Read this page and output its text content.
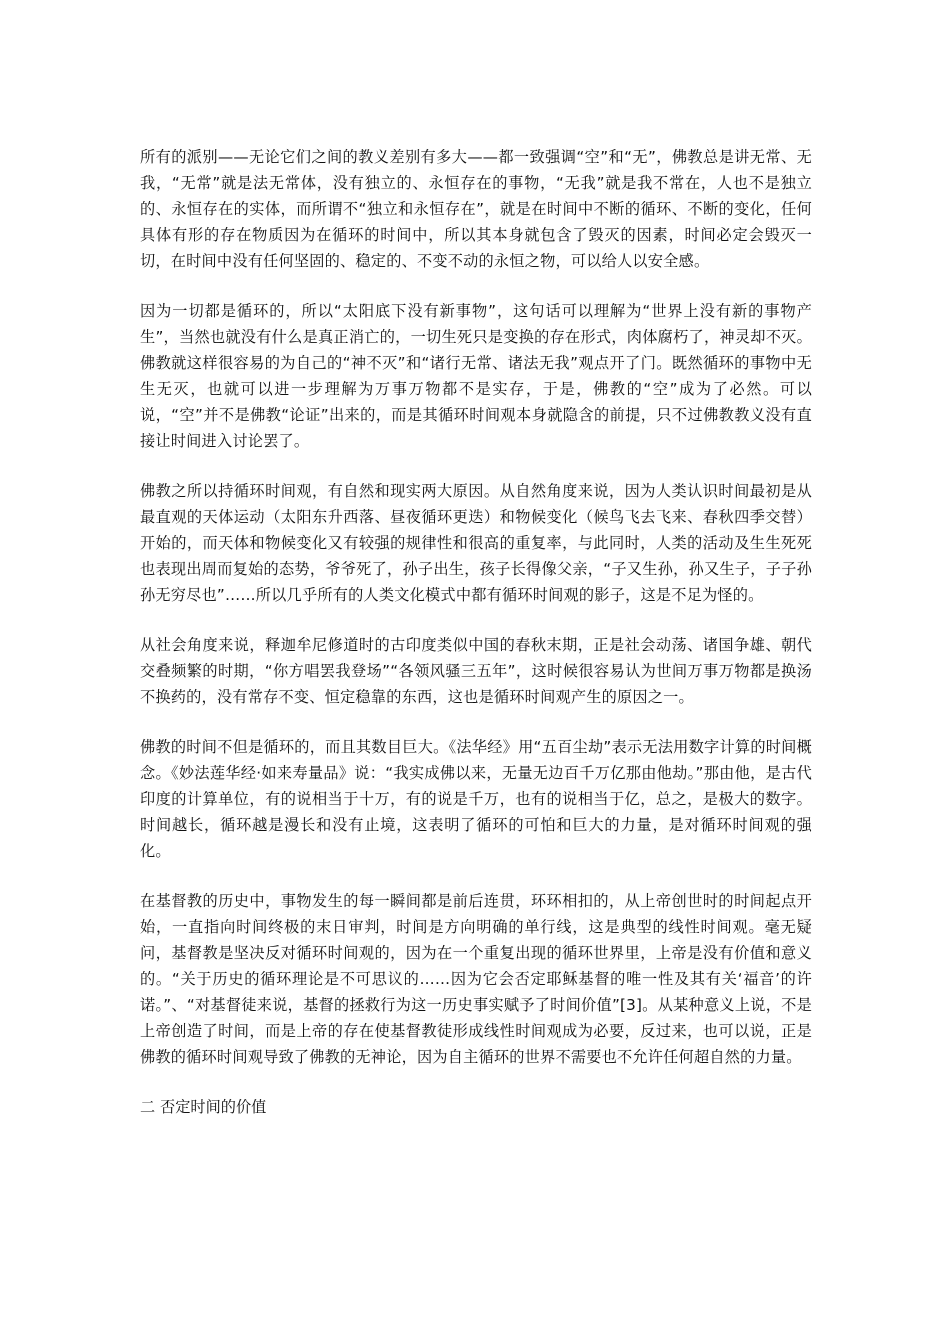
所有的派别——无论它们之间的教义差别有多大——都一致强调“空”和“无”，佛教总是讲无常、无我，“无常”就是法无常体，没有独立的、永恒存在的事物，“无我”就是我不常在，人也不是独立的、永恒存在的实体，而所谓不“独立和永恒存在”，就是在时间中不断的循环、不断的变化，任何具体有形的存在物质因为在循环的时间中，所以其本身就包含了毁灭的因素，时间必定会毁灭一切，在时间中没有任何坚固的、稳定的、不变不动的永恒之物，可以给人以安全感。

因为一切都是循环的，所以“太阳底下没有新事物”，这句话可以理解为“世界上没有新的事物产生”，当然也就没有什么是真正消亡的，一切生死只是变换的存在形式，肉体腐朽了，神灵却不灭。佛教就这样很容易的为自己的“神不灭”和“诸行无常、诸法无我”观点开了门。既然循环的事物中无生无灭，也就可以进一步理解为万事万物都不是实存，于是，佛教的“空”成为了必然。可以说，“空”并不是佛教“论证”出来的，而是其循环时间观本身就隐含的前提，只不过佛教教义没有直接让时间进入讨论罢了。

佛教之所以持循环时间观，有自然和现实两大原因。从自然角度来说，因为人类认识时间最初是从最直观的天体运动（太阳东升西落、昼夜循环更迭）和物候变化（候鸟飞去飞来、春秋四季交替）开始的，而天体和物候变化又有较强的规律性和很高的重复率，与此同时，人类的活动及生生死死也表现出周而复始的态势，爷爷死了，孙子出生，孩子长得像父亲，“子又生孙，孙又生子，子子孙孙无穷尽也”……所以几乎所有的人类文化模式中都有循环时间观的影子，这是不足为怪的。

从社会角度来说，释迦牟尼修道时的古印度类似中国的春秋末期，正是社会动荡、诸国争雄、朝代交叠频繁的时期，“你方唱罢我登场”“各领风骚三五年”，这时候很容易认为世间万事万物都是换汤不换药的，没有常存不变、恒定稳靠的东西，这也是循环时间观产生的原因之一。

佛教的时间不但是循环的，而且其数目巨大。《法华经》用“五百尘劫”表示无法用数字计算的时间概念。《妙法莲华经·如来寿量品》说：“我实成佛以来，无量无边百千万亿那由他劫。”那由他，是古代印度的计算单位，有的说相当于十万，有的说是千万，也有的说相当于亿，总之，是极大的数字。时间越长，循环越是漫长和没有止境，这表明了循环的可怕和巨大的力量，是对循环时间观的强化。

在基督教的历史中，事物发生的每一瞬间都是前后连贯，环环相扣的，从上帝创世时的时间起点开始，一直指向时间终极的末日审判，时间是方向明确的单行线，这是典型的线性时间观。毫无疑问，基督教是坚决反对循环时间观的，因为在一个重复出现的循环世界里，上帝是没有价值和意义的。“关于历史的循环理论是不可思议的……因为它会否定耶稣基督的唯一性及其有关‘福音’的许诺。”、“对基督徒来说，基督的拯救行为这一历史事实赋予了时间价值”[3]。从某种意义上说，不是上帝创造了时间，而是上帝的存在使基督教徒形成线性时间观成为必要，反过来，也可以说，正是佛教的循环时间观导致了佛教的无神论，因为自主循环的世界不需要也不允许任何超自然的力量。

二 否定时间的价值
